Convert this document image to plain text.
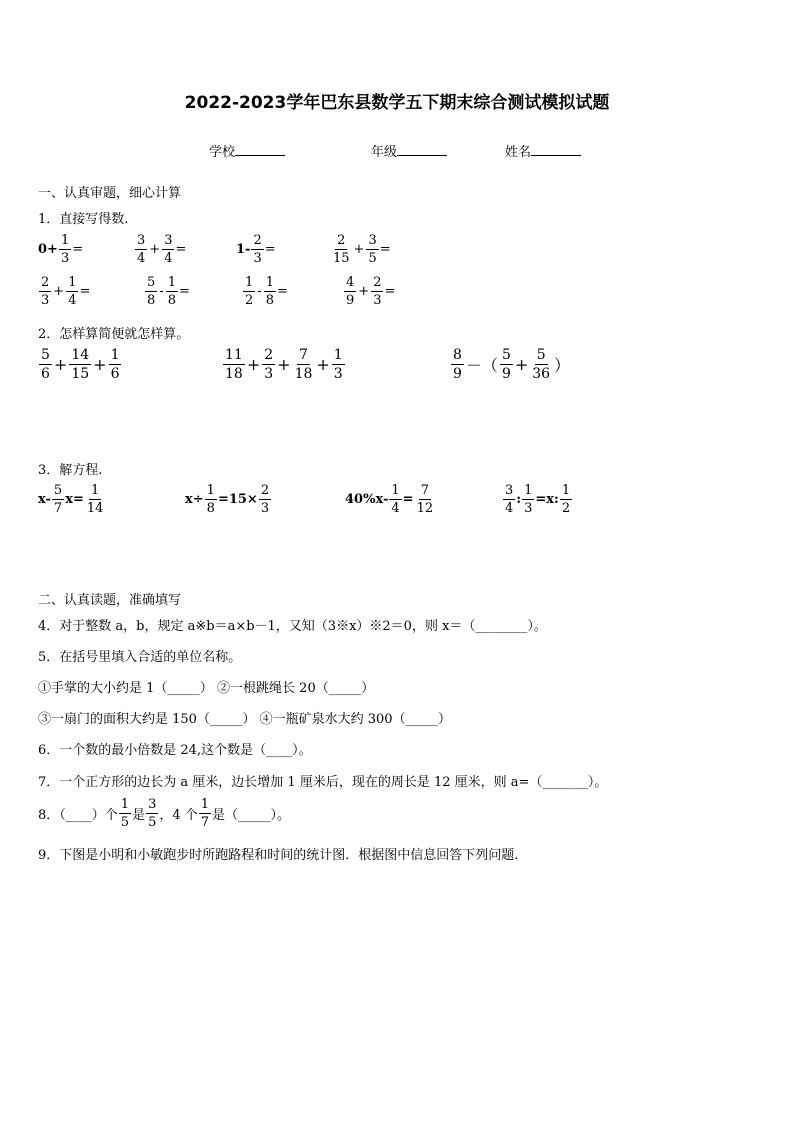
2022-2023学年巴东县数学五下期末综合测试模拟试题
学校	年级	姓名
一、认真审题，细心计算
1．直接写得数.
$0+ \frac{1}{3}$ =	$\frac{3}{4} + \frac{3}{4}$ =	$1- \frac{2}{3}$ =	$\frac{2}{15} + \frac{3}{5}$ =
$\frac{2}{3} + \frac{1}{4}$ =	$\frac{5}{8} - \frac{1}{8}$ =	$\frac{1}{2} - \frac{1}{8}$ =	$\frac{4}{9} + \frac{2}{3}$ =
2．怎样算简便就怎样算。
$\frac{5}{6} + \frac{14}{15} + \frac{1}{6}$	$\frac{11}{18} + \frac{2}{3} + \frac{7}{18} + \frac{1}{3}$	$\frac{8}{9}$ －（ $\frac{5}{9} + \frac{5}{36}$ ）
3．解方程.
$x- \frac{5}{7} x= \frac{1}{14}$	$x\div \frac{1}{8} =15\times \frac{2}{3}$	$40\%x- \frac{1}{4} = \frac{7}{12}$	$\frac{3}{4}$ : $\frac{1}{3} =x$: $\frac{1}{2}$
二、认真读题，准确填写
4．对于整数 a，b，规定 a※b＝a×b－1，又知（3※x）※2＝0，则 x＝（________）。
5．在括号里填入合适的单位名称。
①手掌的大小约是 1（_____） ②一根跳绳长 20（_____）
③一扇门的面积大约是 150（_____） ④一瓶矿泉水大约 300（_____）
6．一个数的最小倍数是 24,这个数是（____）。
7．一个正方形的边长为 a 厘米，边长增加 1 厘米后，现在的周长是 12 厘米，则 a=（_______）。
8．（____）个 $\frac{1}{5}$ 是 $\frac{3}{5}$ ，4 个 $\frac{1}{7}$ 是（_____）。
9．下图是小明和小敏跑步时所跑路程和时间的统计图．根据图中信息回答下列问题.
